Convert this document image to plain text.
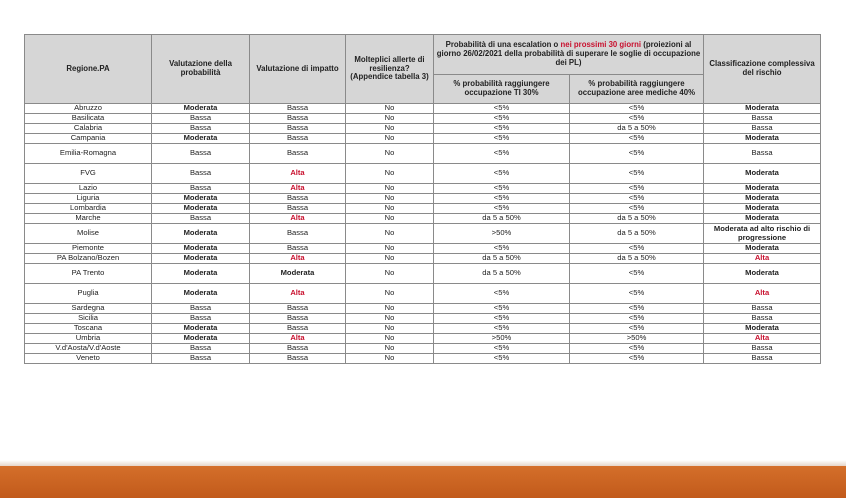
Regione.PA	Valutazione della probabilità	Valutazione di impatto	Molteplici allerte di resilienza? (Appendice tabella 3)	Probabilità di una escalation o nei prossimi 30 giorni (proiezioni al giorno 26/02/2021 della probabilità di superare le soglie di occupazione dei PL)		Classificazione complessiva del rischio
				% probabilità raggiungere occupazione TI 30%	% probabilità raggiungere occupazione aree mediche 40%	
Abruzzo	Moderata	Bassa	No	<5%	<5%	Moderata
Basilicata	Bassa	Bassa	No	<5%	<5%	Bassa
Calabria	Bassa	Bassa	No	<5%	da 5 a 50%	Bassa
Campania	Moderata	Bassa	No	<5%	<5%	Moderata
Emilia-Romagna	Bassa	Bassa	No	<5%	<5%	Bassa
FVG	Bassa	Alta	No	<5%	<5%	Moderata
Lazio	Bassa	Alta	No	<5%	<5%	Moderata
Liguria	Moderata	Bassa	No	<5%	<5%	Moderata
Lombardia	Moderata	Bassa	No	<5%	<5%	Moderata
Marche	Bassa	Alta	No	da 5 a 50%	da 5 a 50%	Moderata
Molise	Moderata	Bassa	No	>50%	da 5 a 50%	Moderata ad alto rischio di progressione
Piemonte	Moderata	Bassa	No	<5%	<5%	Moderata
PA Bolzano/Bozen	Moderata	Alta	No	da 5 a 50%	da 5 a 50%	Alta
PA Trento	Moderata	Moderata	No	da 5 a 50%	<5%	Moderata
Puglia	Moderata	Alta	No	<5%	<5%	Alta
Sardegna	Bassa	Bassa	No	<5%	<5%	Bassa
Sicilia	Bassa	Bassa	No	<5%	<5%	Bassa
Toscana	Moderata	Bassa	No	<5%	<5%	Moderata
Umbria	Moderata	Alta	No	>50%	>50%	Alta
V.d'Aosta/V.d'Aoste	Bassa	Bassa	No	<5%	<5%	Bassa
Veneto	Bassa	Bassa	No	<5%	<5%	Bassa
